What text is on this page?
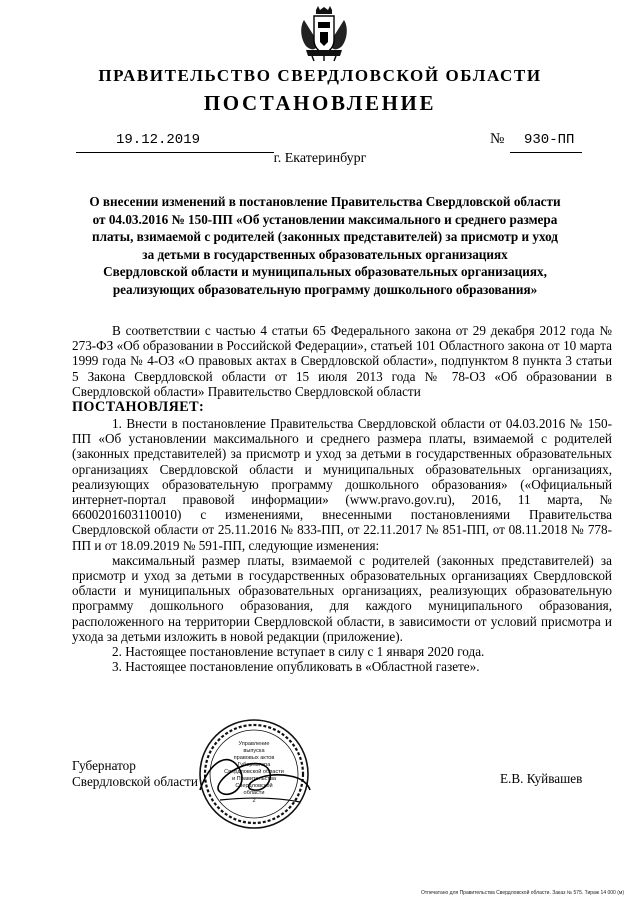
ПРАВИТЕЛЬСТВО СВЕРДЛОВСКОЙ ОБЛАСТИ
ПОСТАНОВЛЕНИЕ
19.12.2019	№ 930-ПП
г. Екатеринбург
О внесении изменений в постановление Правительства Свердловской области
от 04.03.2016 № 150-ПП «Об установлении максимального и среднего размера
платы, взимаемой с родителей (законных представителей) за присмотр и уход
за детьми в государственных образовательных организациях
Свердловской области и муниципальных образовательных организациях,
реализующих образовательную программу дошкольного образования»

В соответствии с частью 4 статьи 65 Федерального закона от 29 декабря 2012 года № 273-ФЗ «Об образовании в Российской Федерации», статьей 101 Областного закона от 10 марта 1999 года № 4-ОЗ «О правовых актах в Свердловской области», подпунктом 8 пункта 3 статьи 5 Закона Свердловской области от 15 июля 2013 года № 78-ОЗ «Об образовании в Свердловской области» Правительство Свердловской области

ПОСТАНОВЛЯЕТ:

1. Внести в постановление Правительства Свердловской области от 04.03.2016 № 150-ПП «Об установлении максимального и среднего размера платы, взимаемой с родителей (законных представителей) за присмотр и уход за детьми в государственных образовательных организациях Свердловской области и муниципальных образовательных организациях, реализующих образовательную программу дошкольного образования» («Официальный интернет-портал правовой информации» (www.pravo.gov.ru), 2016, 11 марта, № 6600201603110010) с изменениями, внесенными постановлениями Правительства Свердловской области от 25.11.2016 № 833-ПП, от 22.11.2017 № 851-ПП, от 08.11.2018 № 778-ПП и от 18.09.2019 № 591-ПП, следующие изменения:

максимальный размер платы, взимаемой с родителей (законных представителей) за присмотр и уход за детьми в государственных образовательных организациях Свердловской области и муниципальных образовательных организациях, реализующих образовательную программу дошкольного образования, для каждого муниципального образования, расположенного на территории Свердловской области, в зависимости от условий присмотра и ухода за детьми изложить в новой редакции (приложение).

2. Настоящее постановление вступает в силу с 1 января 2020 года.

3. Настоящее постановление опубликовать в «Областной газете».

Губернатор
Свердловской области	Е.В. Куйвашев
Управление
выпуска
правовых актов
Губернатора
Свердловской области
и Правительства
Свердловской
области
2
Отпечатано для Правительства Свердловской области. Заказ № 575. Тираж 14 000 (м)
